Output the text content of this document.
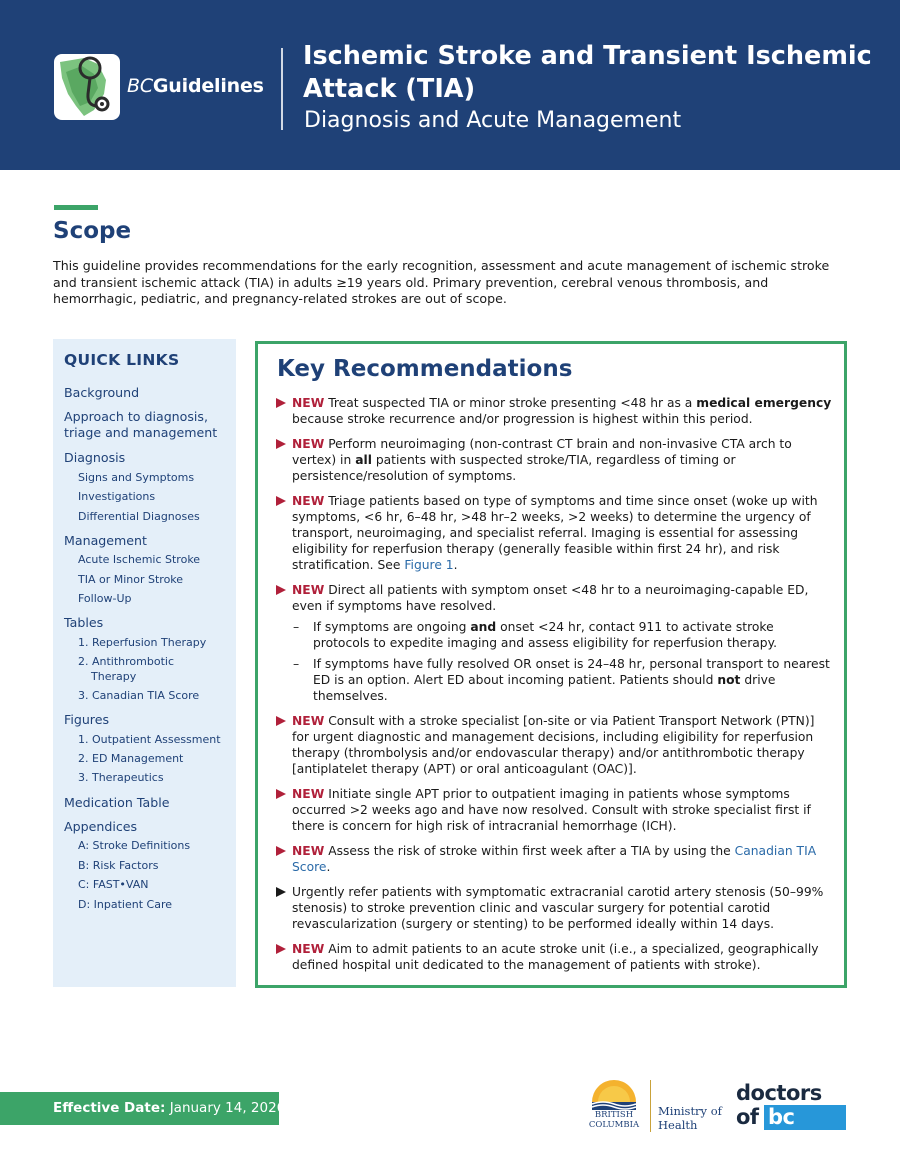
BCGuidelines
Ischemic Stroke and Transient Ischemic Attack (TIA)
Diagnosis and Acute Management
Scope
This guideline provides recommendations for the early recognition, assessment and acute management of ischemic stroke and transient ischemic attack (TIA) in adults ≥19 years old. Primary prevention, cerebral venous thrombosis, and hemorrhagic, pediatric, and pregnancy-related strokes are out of scope.
QUICK LINKS
Background
Approach to diagnosis, triage and management
Diagnosis
Signs and Symptoms
Investigations
Differential Diagnoses
Management
Acute Ischemic Stroke
TIA or Minor Stroke
Follow-Up
Tables
1. Reperfusion Therapy
2. Antithrombotic
Therapy
3. Canadian TIA Score
Figures
1. Outpatient Assessment
2. ED Management
3. Therapeutics
Medication Table
Appendices
A: Stroke Definitions
B: Risk Factors
C: FAST•VAN
D: Inpatient Care
Key Recommendations
NEW Treat suspected TIA or minor stroke presenting <48 hr as a medical emergency because stroke recurrence and/or progression is highest within this period.
NEW Perform neuroimaging (non-contrast CT brain and non-invasive CTA arch to vertex) in all patients with suspected stroke/TIA, regardless of timing or persistence/resolution of symptoms.
NEW Triage patients based on type of symptoms and time since onset (woke up with symptoms, <6 hr, 6–48 hr, >48 hr–2 weeks, >2 weeks) to determine the urgency of transport, neuroimaging, and specialist referral. Imaging is essential for assessing eligibility for reperfusion therapy (generally feasible within first 24 hr), and risk stratification. See Figure 1.
NEW Direct all patients with symptom onset <48 hr to a neuroimaging-capable ED, even if symptoms have resolved.
– If symptoms are ongoing and onset <24 hr, contact 911 to activate stroke protocols to expedite imaging and assess eligibility for reperfusion therapy.
– If symptoms have fully resolved OR onset is 24–48 hr, personal transport to nearest ED is an option. Alert ED about incoming patient. Patients should not drive themselves.
NEW Consult with a stroke specialist [on-site or via Patient Transport Network (PTN)] for urgent diagnostic and management decisions, including eligibility for reperfusion therapy (thrombolysis and/or endovascular therapy) and/or antithrombotic therapy [antiplatelet therapy (APT) or oral anticoagulant (OAC)].
NEW Initiate single APT prior to outpatient imaging in patients whose symptoms occurred >2 weeks ago and have now resolved. Consult with stroke specialist first if there is concern for high risk of intracranial hemorrhage (ICH).
NEW Assess the risk of stroke within first week after a TIA by using the Canadian TIA Score.
Urgently refer patients with symptomatic extracranial carotid artery stenosis (50–99% stenosis) to stroke prevention clinic and vascular surgery for potential carotid revascularization (surgery or stenting) to be performed ideally within 14 days.
NEW Aim to admit patients to an acute stroke unit (i.e., a specialized, geographically defined hospital unit dedicated to the management of patients with stroke).
Effective Date: January 14, 2026	BRITISH
COLUMBIA
Ministry of
Health
doctors
of bc
